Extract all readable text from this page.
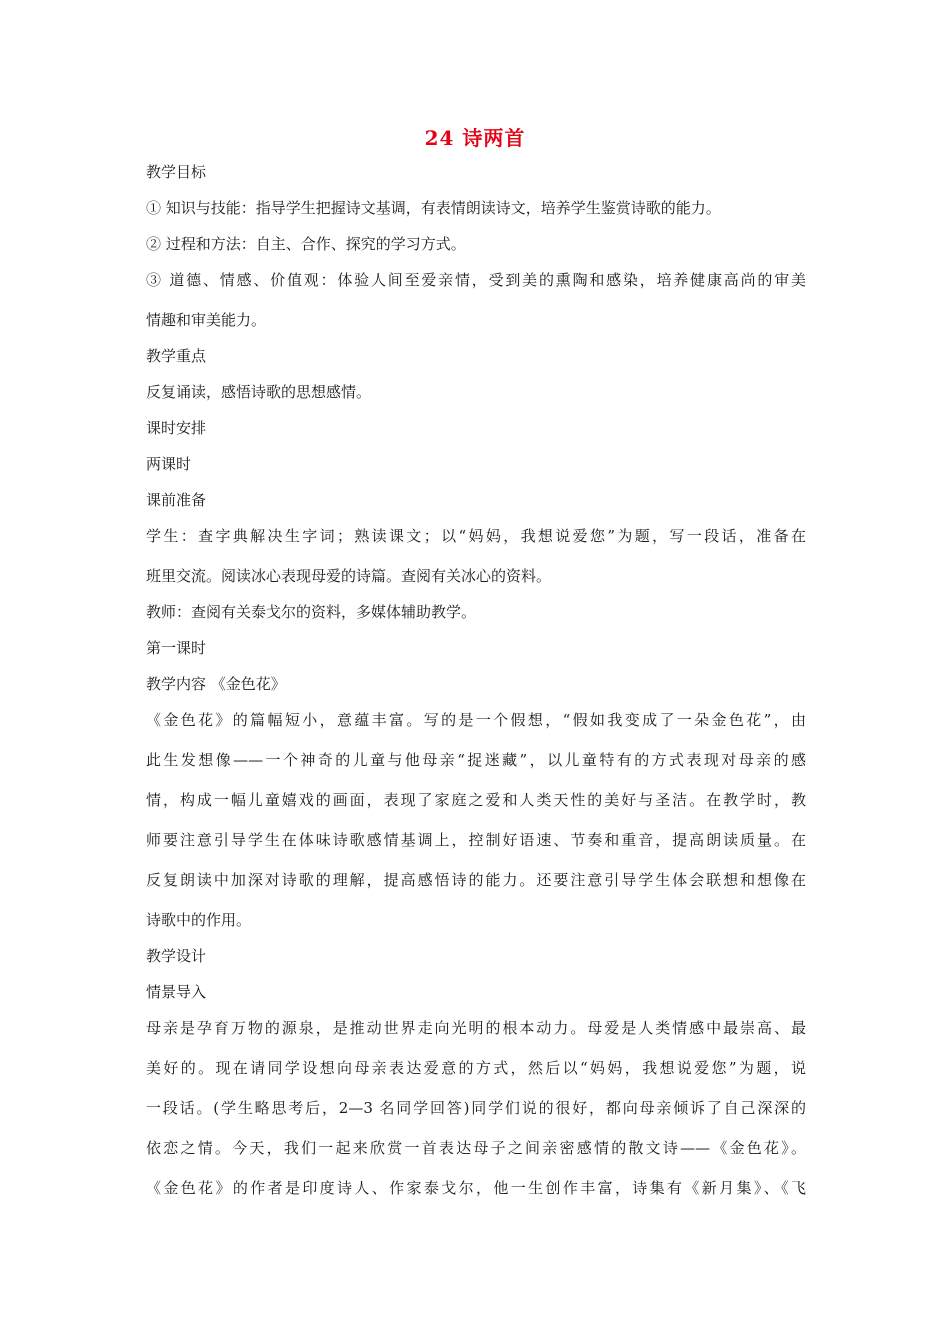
24 诗两首

教学目标

① 知识与技能：指导学生把握诗文基调，有表情朗读诗文，培养学生鉴赏诗歌的能力。

② 过程和方法：自主、合作、探究的学习方式。

③ 道德、情感、价值观：体验人间至爱亲情，受到美的熏陶和感染，培养健康高尚的审美

情趣和审美能力。

教学重点

反复诵读，感悟诗歌的思想感情。

课时安排

两课时

课前准备

学生：查字典解决生字词；熟读课文；以“妈妈，我想说爱您”为题，写一段话，准备在

班里交流。阅读冰心表现母爱的诗篇。查阅有关冰心的资料。

教师：查阅有关泰戈尔的资料，多媒体辅助教学。

第一课时

教学内容 《金色花》

《金色花》的篇幅短小，意蕴丰富。写的是一个假想，“假如我变成了一朵金色花”，由

此生发想像——一个神奇的儿童与他母亲“捉迷藏”，以儿童特有的方式表现对母亲的感

情，构成一幅儿童嬉戏的画面，表现了家庭之爱和人类天性的美好与圣洁。在教学时，教

师要注意引导学生在体味诗歌感情基调上，控制好语速、节奏和重音，提高朗读质量。在

反复朗读中加深对诗歌的理解，提高感悟诗的能力。还要注意引导学生体会联想和想像在

诗歌中的作用。

教学设计

情景导入

母亲是孕育万物的源泉，是推动世界走向光明的根本动力。母爱是人类情感中最崇高、最

美好的。现在请同学设想向母亲表达爱意的方式，然后以“妈妈，我想说爱您”为题，说

一段话。(学生略思考后，2—3 名同学回答)同学们说的很好，都向母亲倾诉了自己深深的

依恋之情。今天，我们一起来欣赏一首表达母子之间亲密感情的散文诗——《金色花》。

《金色花》的作者是印度诗人、作家泰戈尔，他一生创作丰富，诗集有《新月集》、《飞
